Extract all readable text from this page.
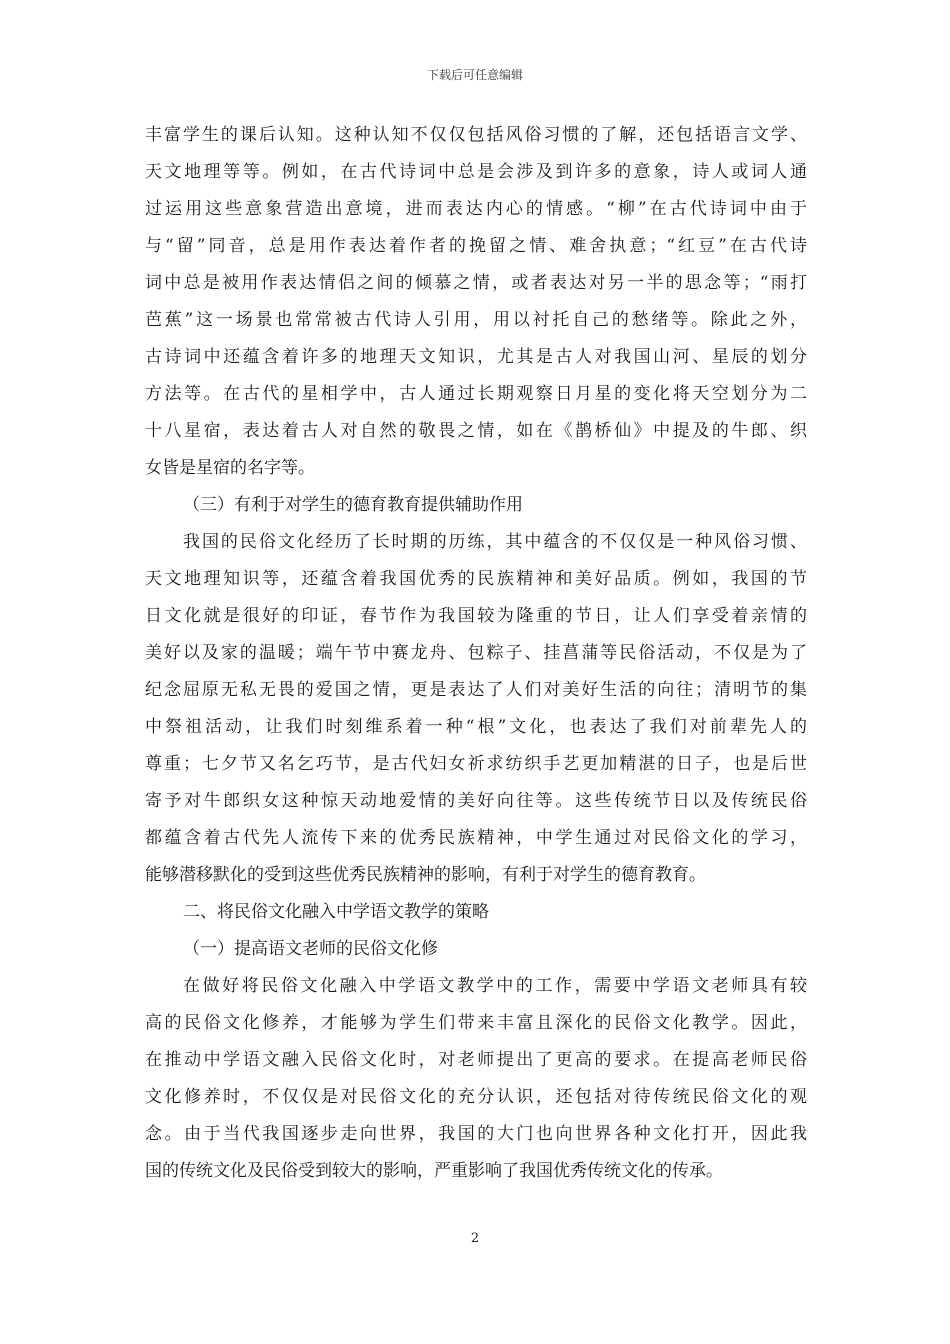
下载后可任意编辑
丰富学生的课后认知。这种认知不仅仅包括风俗习惯的了解，还包括语言文学、
天文地理等等。例如，在古代诗词中总是会涉及到许多的意象，诗人或词人通
过运用这些意象营造出意境，进而表达内心的情感。“柳”在古代诗词中由于
与“留”同音，总是用作表达着作者的挽留之情、难舍执意；“红豆”在古代诗
词中总是被用作表达情侣之间的倾慕之情，或者表达对另一半的思念等；“雨打
芭蕉”这一场景也常常被古代诗人引用，用以衬托自己的愁绪等。除此之外，
古诗词中还蕴含着许多的地理天文知识，尤其是古人对我国山河、星辰的划分
方法等。在古代的星相学中，古人通过长期观察日月星的变化将天空划分为二
十八星宿，表达着古人对自然的敬畏之情，如在《鹊桥仙》中提及的牛郎、织
女皆是星宿的名字等。
（三）有利于对学生的德育教育提供辅助作用
我国的民俗文化经历了长时期的历练，其中蕴含的不仅仅是一种风俗习惯、
天文地理知识等，还蕴含着我国优秀的民族精神和美好品质。例如，我国的节
日文化就是很好的印证，春节作为我国较为隆重的节日，让人们享受着亲情的
美好以及家的温暖；端午节中赛龙舟、包粽子、挂菖蒲等民俗活动，不仅是为了
纪念屈原无私无畏的爱国之情，更是表达了人们对美好生活的向往；清明节的集
中祭祖活动，让我们时刻维系着一种“根”文化，也表达了我们对前辈先人的
尊重；七夕节又名乞巧节，是古代妇女祈求纺织手艺更加精湛的日子，也是后世
寄予对牛郎织女这种惊天动地爱情的美好向往等。这些传统节日以及传统民俗
都蕴含着古代先人流传下来的优秀民族精神，中学生通过对民俗文化的学习，
能够潜移默化的受到这些优秀民族精神的影响，有利于对学生的德育教育。
二、将民俗文化融入中学语文教学的策略
（一）提高语文老师的民俗文化修
在做好将民俗文化融入中学语文教学中的工作，需要中学语文老师具有较
高的民俗文化修养，才能够为学生们带来丰富且深化的民俗文化教学。因此，
在推动中学语文融入民俗文化时，对老师提出了更高的要求。在提高老师民俗
文化修养时，不仅仅是对民俗文化的充分认识，还包括对待传统民俗文化的观
念。由于当代我国逐步走向世界，我国的大门也向世界各种文化打开，因此我
国的传统文化及民俗受到较大的影响，严重影响了我国优秀传统文化的传承。
2
